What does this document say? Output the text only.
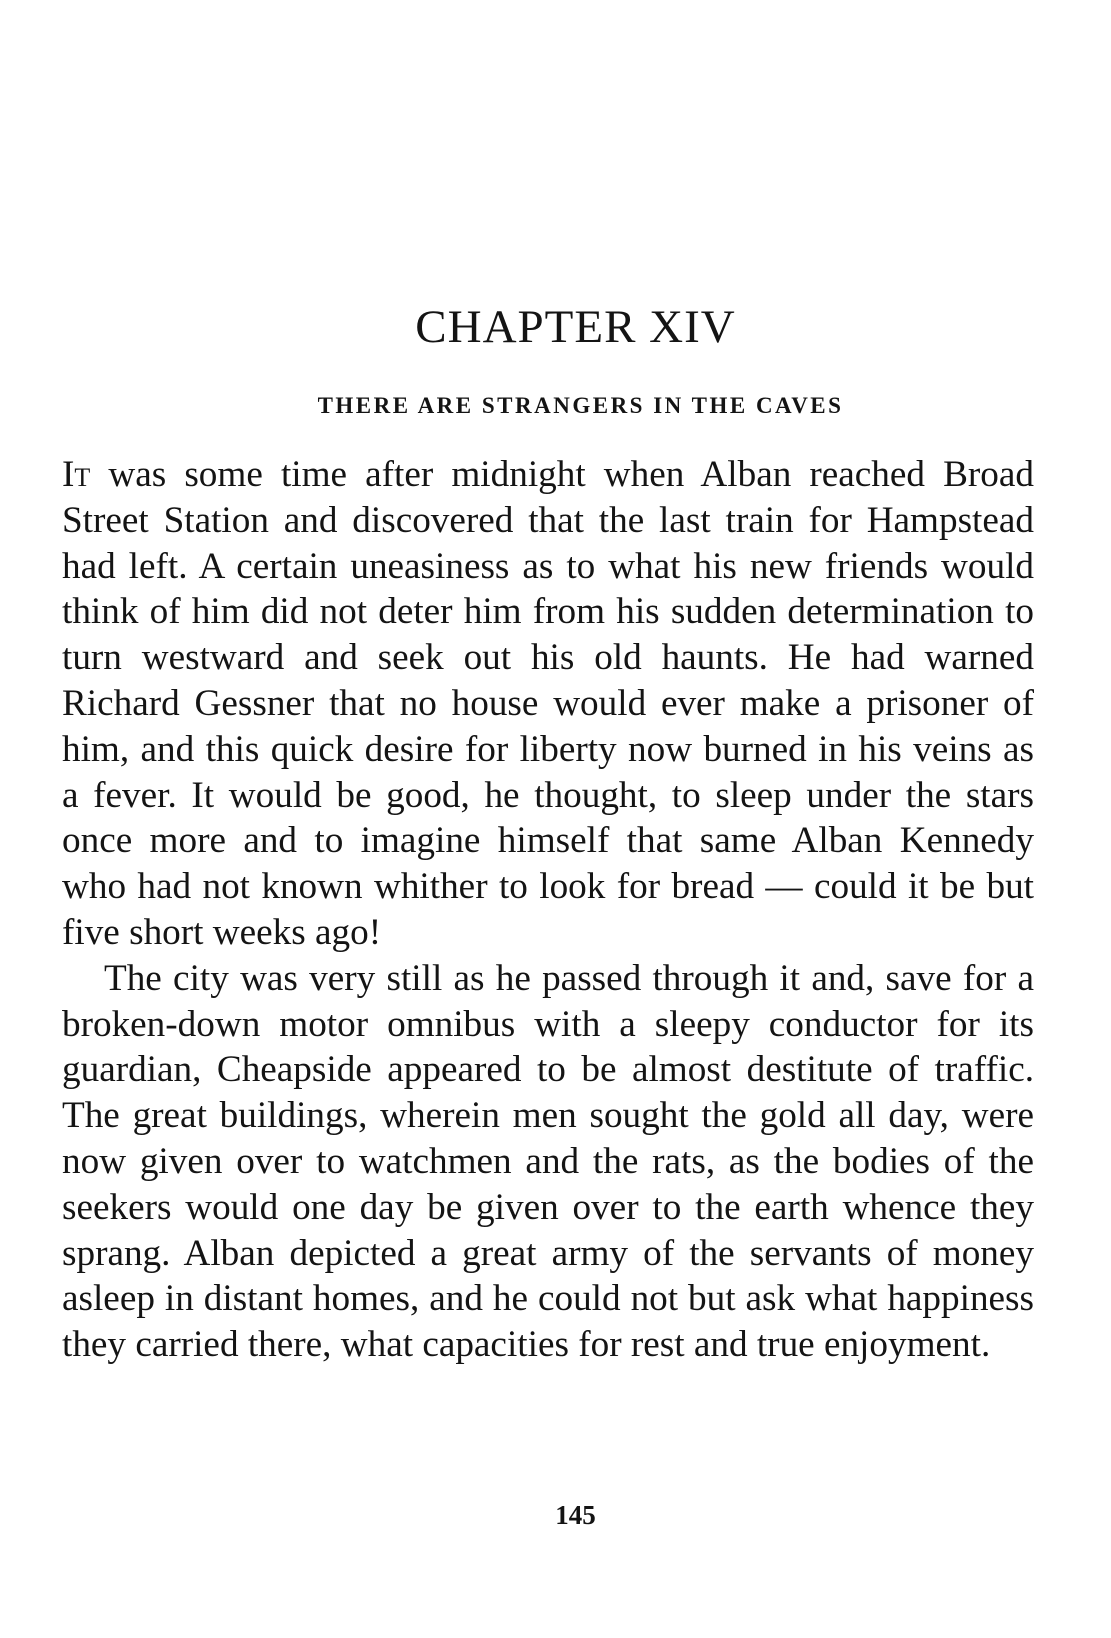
CHAPTER XIV
THERE ARE STRANGERS IN THE CAVES

It was some time after midnight when Alban reached Broad Street Station and discovered that the last train for Hampstead had left. A certain uneasiness as to what his new friends would think of him did not deter him from his sudden determination to turn westward and seek out his old haunts. He had warned Richard Gessner that no house would ever make a prisoner of him, and this quick desire for liberty now burned in his veins as a fever. It would be good, he thought, to sleep under the stars once more and to imagine himself that same Alban Kennedy who had not known whither to look for bread — could it be but five short weeks ago!

The city was very still as he passed through it and, save for a broken-down motor omnibus with a sleepy conductor for its guardian, Cheapside appeared to be almost destitute of traffic. The great buildings, wherein men sought the gold all day, were now given over to watchmen and the rats, as the bodies of the seekers would one day be given over to the earth whence they sprang. Alban depicted a great army of the servants of money asleep in distant homes, and he could not but ask what happiness they carried there, what capacities for rest and true enjoyment.

145
